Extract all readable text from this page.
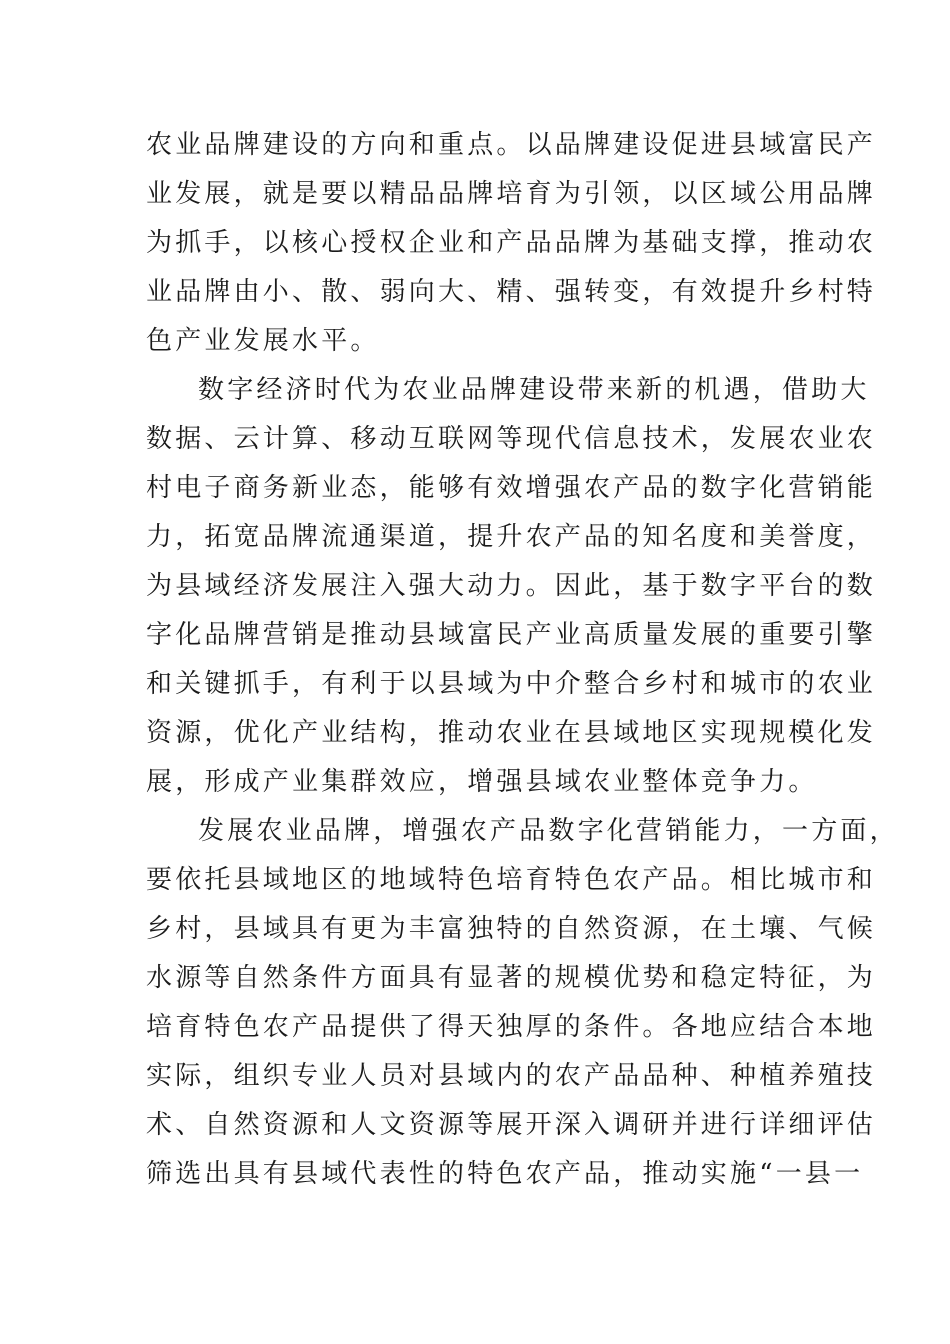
农业品牌建设的方向和重点。以品牌建设促进县域富民产
业发展，就是要以精品品牌培育为引领，以区域公用品牌
为抓手，以核心授权企业和产品品牌为基础支撑，推动农
业品牌由小、散、弱向大、精、强转变，有效提升乡村特
色产业发展水平。
数字经济时代为农业品牌建设带来新的机遇，借助大
数据、云计算、移动互联网等现代信息技术，发展农业农
村电子商务新业态，能够有效增强农产品的数字化营销能
力，拓宽品牌流通渠道，提升农产品的知名度和美誉度，
为县域经济发展注入强大动力。因此，基于数字平台的数
字化品牌营销是推动县域富民产业高质量发展的重要引擎
和关键抓手，有利于以县域为中介整合乡村和城市的农业
资源，优化产业结构，推动农业在县域地区实现规模化发
展，形成产业集群效应，增强县域农业整体竞争力。
发展农业品牌，增强农产品数字化营销能力，一方面，
要依托县域地区的地域特色培育特色农产品。相比城市和
乡村，县域具有更为丰富独特的自然资源，在土壤、气候
水源等自然条件方面具有显著的规模优势和稳定特征，为
培育特色农产品提供了得天独厚的条件。各地应结合本地
实际，组织专业人员对县域内的农产品品种、种植养殖技
术、自然资源和人文资源等展开深入调研并进行详细评估
筛选出具有县域代表性的特色农产品，推动实施“一县一
